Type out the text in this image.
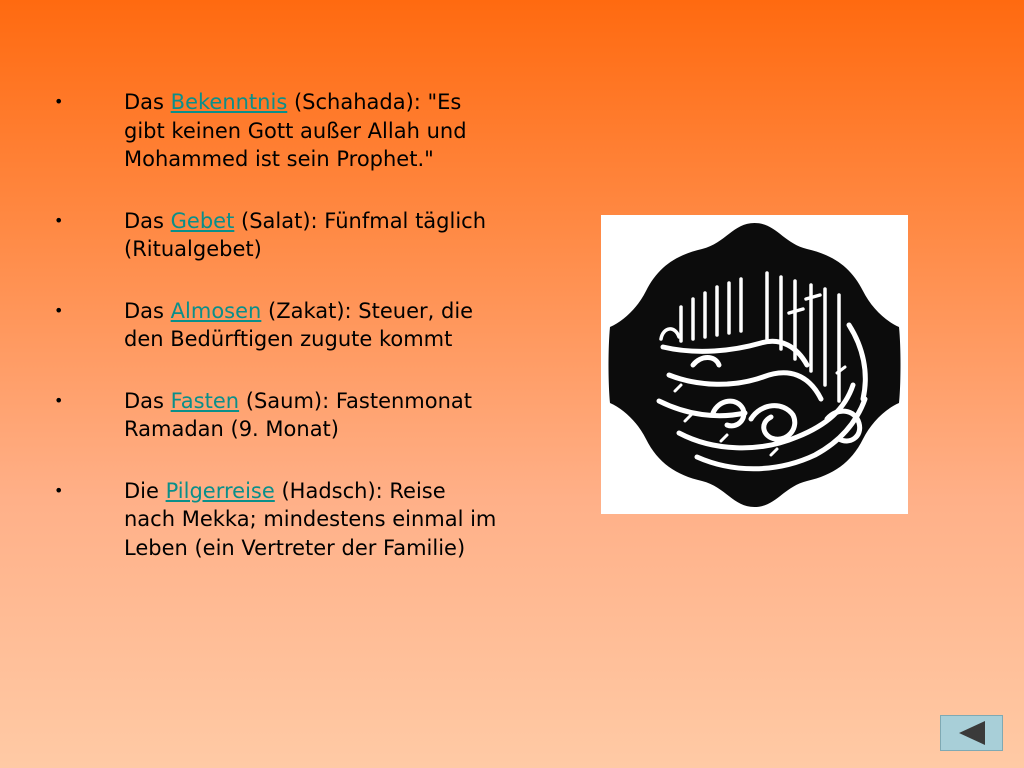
•	Das Bekenntnis (Schahada): "Es gibt keinen Gott außer Allah und Mohammed ist sein Prophet."
•	Das Gebet (Salat): Fünfmal täglich (Ritualgebet)
•	Das Almosen (Zakat): Steuer, die den Bedürftigen zugute kommt
•	Das Fasten (Saum): Fastenmonat Ramadan (9. Monat)
•	Die Pilgerreise (Hadsch): Reise nach Mekka; mindestens einmal im Leben (ein Vertreter der Familie)
